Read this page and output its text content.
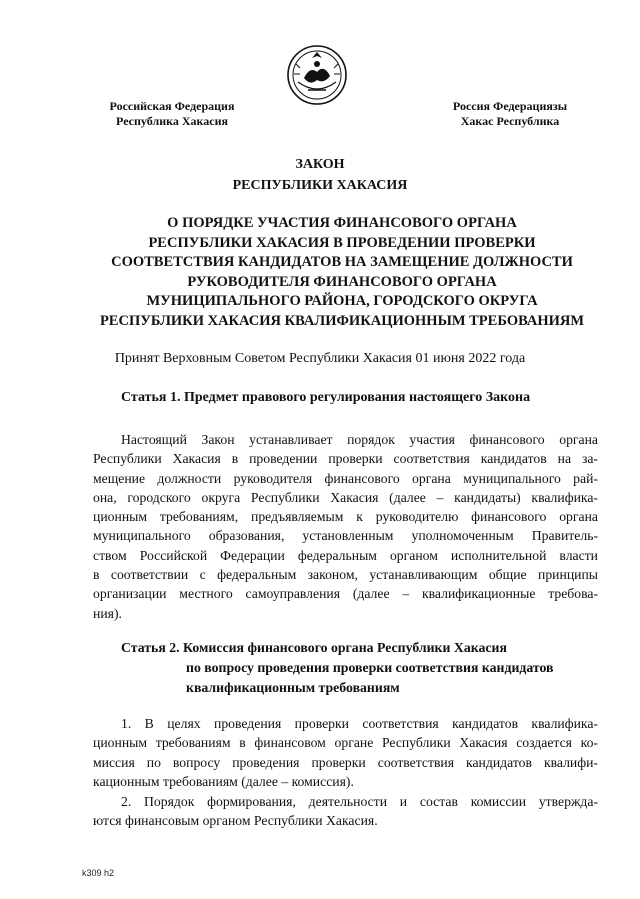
Российская Федерация
Республика Хакасия
Россия Федерациязы
Хакас Республика
ЗАКОН
РЕСПУБЛИКИ ХАКАСИЯ
О ПОРЯДКЕ УЧАСТИЯ ФИНАНСОВОГО ОРГАНА
РЕСПУБЛИКИ ХАКАСИЯ В ПРОВЕДЕНИИ ПРОВЕРКИ
СООТВЕТСТВИЯ КАНДИДАТОВ НА ЗАМЕЩЕНИЕ ДОЛЖНОСТИ
РУКОВОДИТЕЛЯ ФИНАНСОВОГО ОРГАНА
МУНИЦИПАЛЬНОГО РАЙОНА, ГОРОДСКОГО ОКРУГА
РЕСПУБЛИКИ ХАКАСИЯ КВАЛИФИКАЦИОННЫМ ТРЕБОВАНИЯМ
Принят Верховным Советом Республики Хакасия 01 июня 2022 года
Статья 1. Предмет правового регулирования настоящего Закона
Настоящий Закон устанавливает порядок участия финансового органа
Республики Хакасия в проведении проверки соответствия кандидатов на за-
мещение должности руководителя финансового органа муниципального рай-
она, городского округа Республики Хакасия (далее – кандидаты) квалифика-
ционным требованиям, предъявляемым к руководителю финансового органа
муниципального образования, установленным уполномоченным Правитель-
ством Российской Федерации федеральным органом исполнительной власти
в соответствии с федеральным законом, устанавливающим общие принципы
организации местного самоуправления (далее – квалификационные требова-
ния).
Статья 2. Комиссия финансового органа Республики Хакасия
по вопросу проведения проверки соответствия кандидатов
квалификационным требованиям
1. В целях проведения проверки соответствия кандидатов квалифика-
ционным требованиям в финансовом органе Республики Хакасия создается ко-
миссия по вопросу проведения проверки соответствия кандидатов квалифи-
кационным требованиям (далее – комиссия).
2. Порядок формирования, деятельности и состав комиссии утвержда-
ются финансовым органом Республики Хакасия.
k309 h2
